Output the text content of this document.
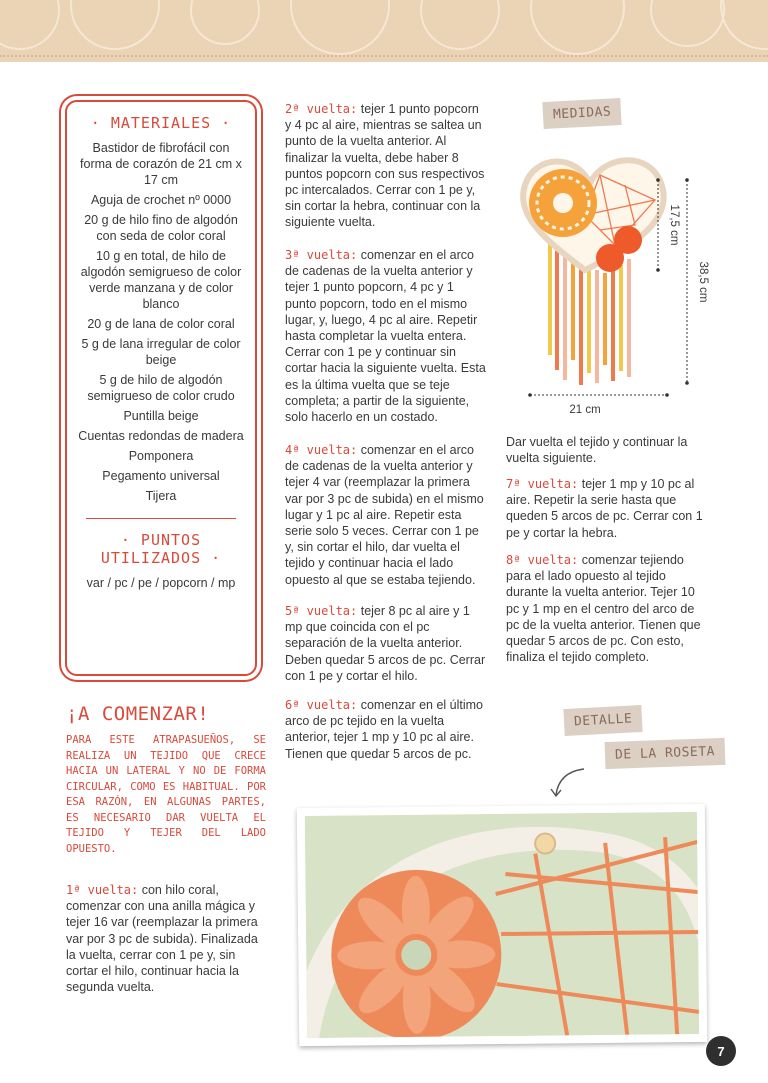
· MATERIALES ·
Bastidor de fibrofácil con forma de corazón de 21 cm x 17 cm
Aguja de crochet nº 0000
20 g de hilo fino de algodón con seda de color coral
10 g en total, de hilo de algodón semigrueso de color verde manzana y de color blanco
20 g de lana de color coral
5 g de lana irregular de color beige
5 g de hilo de algodón semigrueso de color crudo
Puntilla beige
Cuentas redondas de madera
Pomponera
Pegamento universal
Tijera
· PUNTOS UTILIZADOS ·
var / pc / pe / popcorn / mp
¡A COMENZAR!
PARA ESTE ATRAPASUEÑOS, SE REALIZA UN TEJIDO QUE CRECE HACIA UN LATERAL Y NO DE FORMA CIRCULAR, COMO ES HABITUAL. POR ESA RAZÓN, EN ALGUNAS PARTES, ES NECESARIO DAR VUELTA EL TEJIDO Y TEJER DEL LADO OPUESTO.
1ª vuelta: con hilo coral, comenzar con una anilla mágica y tejer 16 var (reemplazar la primera var por 3 pc de subida). Finalizada la vuelta, cerrar con 1 pe y, sin cortar el hilo, continuar hacia la segunda vuelta.
2ª vuelta: tejer 1 punto popcorn y 4 pc al aire, mientras se saltea un punto de la vuelta anterior. Al finalizar la vuelta, debe haber 8 puntos popcorn con sus respectivos pc intercalados. Cerrar con 1 pe y, sin cortar la hebra, continuar con la siguiente vuelta.
3ª vuelta: comenzar en el arco de cadenas de la vuelta anterior y tejer 1 punto popcorn, 4 pc y 1 punto popcorn, todo en el mismo lugar, y, luego, 4 pc al aire. Repetir hasta completar la vuelta entera. Cerrar con 1 pe y continuar sin cortar hacia la siguiente vuelta. Esta es la última vuelta que se teje completa; a partir de la siguiente, solo hacerlo en un costado.
4ª vuelta: comenzar en el arco de cadenas de la vuelta anterior y tejer 4 var (reemplazar la primera var por 3 pc de subida) en el mismo lugar y 1 pc al aire. Repetir esta serie solo 5 veces. Cerrar con 1 pe y, sin cortar el hilo, dar vuelta el tejido y continuar hacia el lado opuesto al que se estaba tejiendo.
5ª vuelta: tejer 8 pc al aire y 1 mp que coincida con el pc separación de la vuelta anterior. Deben quedar 5 arcos de pc. Cerrar con 1 pe y cortar el hilo.
6ª vuelta: comenzar en el último arco de pc tejido en la vuelta anterior, tejer 1 mp y 10 pc al aire. Tienen que quedar 5 arcos de pc.
Dar vuelta el tejido y continuar la vuelta siguiente.
7ª vuelta: tejer 1 mp y 10 pc al aire. Repetir la serie hasta que queden 5 arcos de pc. Cerrar con 1 pe y cortar la hebra.
8ª vuelta: comenzar tejiendo para el lado opuesto al tejido durante la vuelta anterior. Tejer 10 pc y 1 mp en el centro del arco de pc de la vuelta anterior. Tienen que quedar 5 arcos de pc. Con esto, finaliza el tejido completo.
MEDIDAS
17,5 cm
38,5 cm
21 cm
DETALLE
DE LA ROSETA
7
